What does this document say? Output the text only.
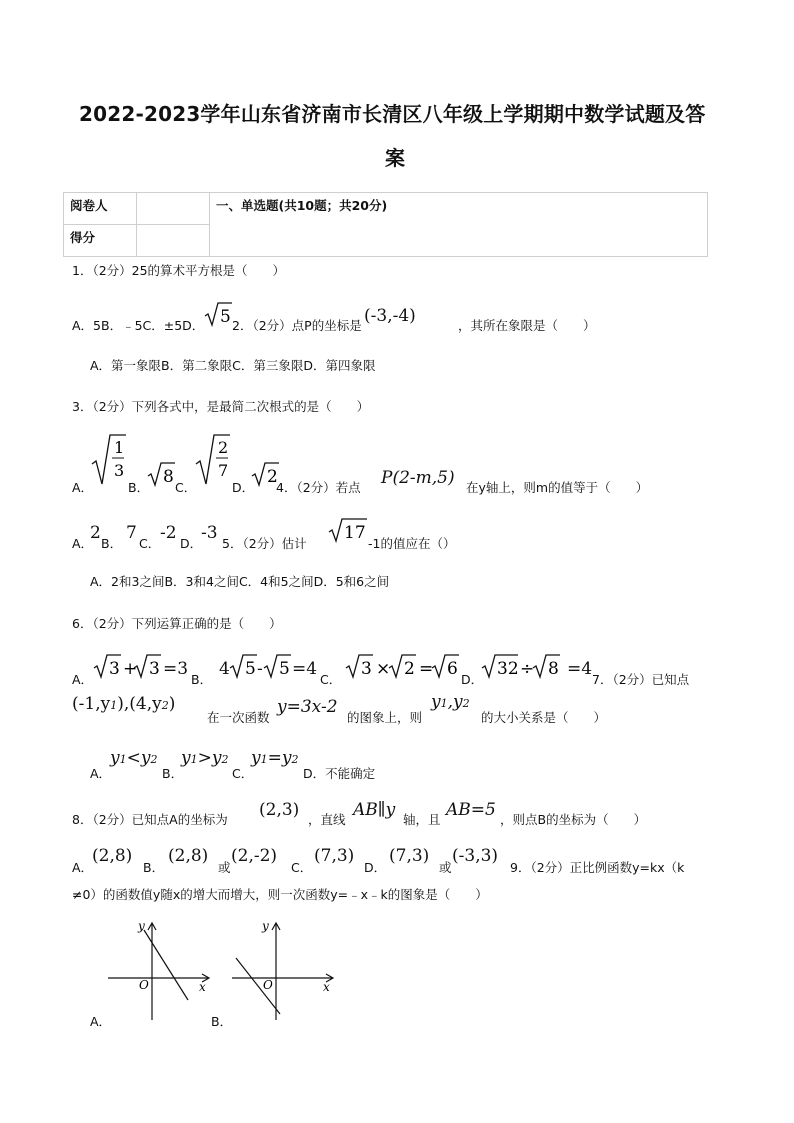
2022-2023学年山东省济南市长清区八年级上学期期中数学试题及答
案
阅卷人		一、单选题(共10题；共20分)
得分		
1．（2分）25的算术平方根是（　　）
A．5B．﹣5C．±5D． 5 2．（2分）点P的坐标是 (-3,-4)	，其所在象限是（　　）
A．第一象限B．第二象限C．第三象限D．第四象限
3．（2分）下列各式中，是最简二次根式的是（　　）
A．
1
3
B．
8
C．
2
7
D．
2
4．（2分）若点 P(2-m,5) 在y轴上，则m的值等于（　　）
A．
2
B．
7
C．
-2
D．
-3
5．（2分）估计
17
-1的值应在（）
A．2和3之间B．3和4之间C．4和5之间D．5和6之间
6．（2分）下列运算正确的是（　　）
A．
3 + 3 =3
B．
4 5 - 5 =4
C．
3 × 2 = 6
D．
32 ÷ 8 =4
7．（2分）已知点
(-1,y1),(4,y2)
在一次函数
y=3x-2
的图象上，则
y1,y2
的大小关系是（　　）
A．
y1<y2
B．
y1>y2
C．
y1=y2
D．不能确定
8．（2分）已知点A的坐标为 (2,3) ，直线 AB∥y 轴，且 AB=5 ，则点B的坐标为（　　）
A．
(2,8)
B．
(2,8)
或
(2,-2)
C．
(7,3)
D．
(7,3)
或
(-3,3)
9．（2分）正比例函数y=kx（k
≠0）的函数值y随x的增大而增大，则一次函数y=﹣x﹣k的图象是（　　）
y
x
O
A．
y
x
O
B．
